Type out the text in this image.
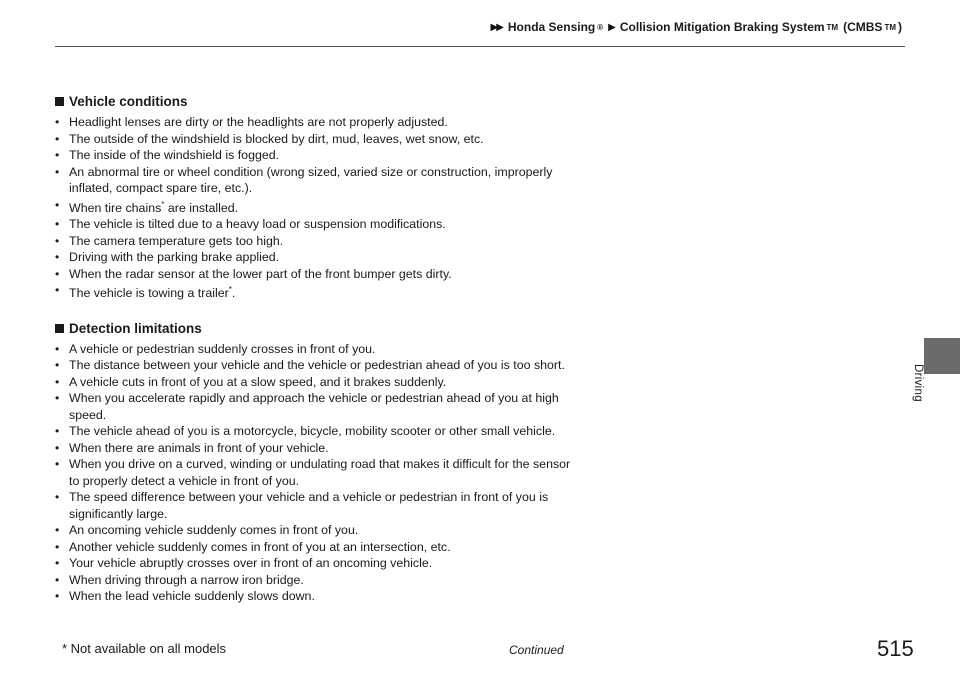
▶▶ Honda Sensing ® ▶ Collision Mitigation Braking System TM (CMBS TM )
Vehicle conditions
• Headlight lenses are dirty or the headlights are not properly adjusted.
• The outside of the windshield is blocked by dirt, mud, leaves, wet snow, etc.
• The inside of the windshield is fogged.
• An abnormal tire or wheel condition (wrong sized, varied size or construction, improperly inflated, compact spare tire, etc.).
• When tire chains* are installed.
• The vehicle is tilted due to a heavy load or suspension modifications.
• The camera temperature gets too high.
• Driving with the parking brake applied.
• When the radar sensor at the lower part of the front bumper gets dirty.
• The vehicle is towing a trailer*.
Detection limitations
• A vehicle or pedestrian suddenly crosses in front of you.
• The distance between your vehicle and the vehicle or pedestrian ahead of you is too short.
• A vehicle cuts in front of you at a slow speed, and it brakes suddenly.
• When you accelerate rapidly and approach the vehicle or pedestrian ahead of you at high speed.
• The vehicle ahead of you is a motorcycle, bicycle, mobility scooter or other small vehicle.
• When there are animals in front of your vehicle.
• When you drive on a curved, winding or undulating road that makes it difficult for the sensor to properly detect a vehicle in front of you.
• The speed difference between your vehicle and a vehicle or pedestrian in front of you is significantly large.
• An oncoming vehicle suddenly comes in front of you.
• Another vehicle suddenly comes in front of you at an intersection, etc.
• Your vehicle abruptly crosses over in front of an oncoming vehicle.
• When driving through a narrow iron bridge.
• When the lead vehicle suddenly slows down.
Driving
* Not available on all models	Continued	515
